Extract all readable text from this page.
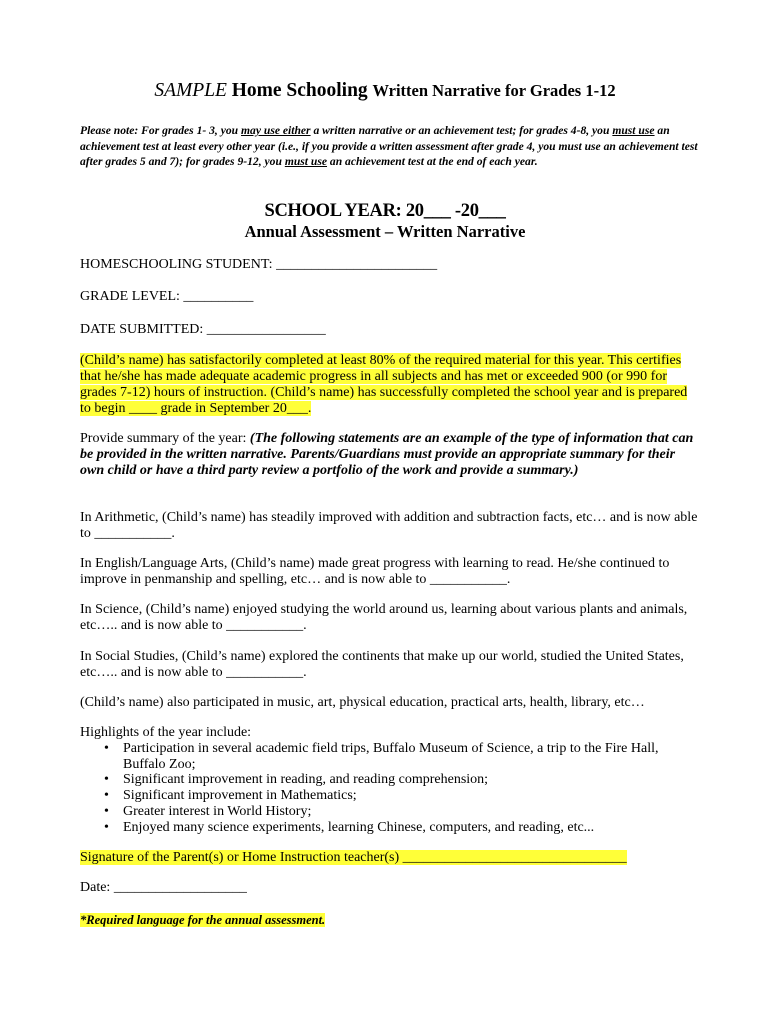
SAMPLE Home Schooling Written Narrative for Grades 1-12
Please note: For grades 1- 3, you may use either a written narrative or an achievement test; for grades 4-8, you must use an achievement test at least every other year (i.e., if you provide a written assessment after grade 4, you must use an achievement test after grades 5 and 7); for grades 9-12, you must use an achievement test at the end of each year.
SCHOOL YEAR: 20___ -20___
Annual Assessment – Written Narrative
HOMESCHOOLING STUDENT: _______________________
GRADE LEVEL: __________
DATE SUBMITTED: _________________
(Child’s name) has satisfactorily completed at least 80% of the required material for this year. This certifies that he/she has made adequate academic progress in all subjects and has met or exceeded 900 (or 990 for grades 7-12) hours of instruction. (Child’s name) has successfully completed the school year and is prepared to begin ____ grade in September 20___.
Provide summary of the year: (The following statements are an example of the type of information that can be provided in the written narrative. Parents/Guardians must provide an appropriate summary for their own child or have a third party review a portfolio of the work and provide a summary.)
In Arithmetic, (Child’s name) has steadily improved with addition and subtraction facts, etc… and is now able to ___________.
In English/Language Arts, (Child’s name) made great progress with learning to read. He/she continued to improve in penmanship and spelling, etc… and is now able to ___________.
In Science, (Child’s name) enjoyed studying the world around us, learning about various plants and animals, etc….. and is now able to ___________.
In Social Studies, (Child’s name) explored the continents that make up our world, studied the United States, etc….. and is now able to ___________.
(Child’s name) also participated in music, art, physical education, practical arts, health, library, etc…
Highlights of the year include:
• Participation in several academic field trips, Buffalo Museum of Science, a trip to the Fire Hall, Buffalo Zoo;
• Significant improvement in reading, and reading comprehension;
• Significant improvement in Mathematics;
• Greater interest in World History;
• Enjoyed many science experiments, learning Chinese, computers, and reading, etc...
Signature of the Parent(s) or Home Instruction teacher(s) ________________________________
Date: ___________________
*Required language for the annual assessment.
